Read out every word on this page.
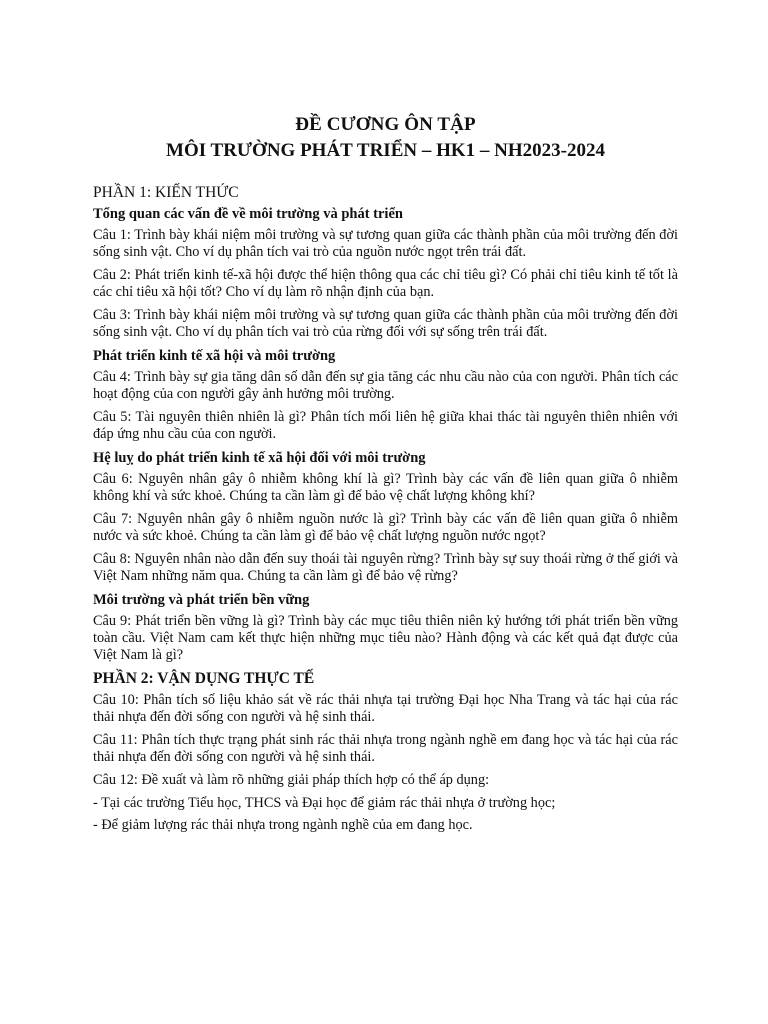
ĐỀ CƯƠNG ÔN TẬP
MÔI TRƯỜNG PHÁT TRIỂN – HK1 – NH2023-2024
PHẦN 1: KIẾN THỨC
Tổng quan các vấn đề về môi trường và phát triển

Câu 1: Trình bày khái niệm môi trường và sự tương quan giữa các thành phần của môi trường đến đời sống sinh vật. Cho ví dụ phân tích vai trò của nguồn nước ngọt trên trái đất.

Câu 2: Phát triển kinh tế-xã hội được thể hiện thông qua các chỉ tiêu gì? Có phải chỉ tiêu kinh tế tốt là các chỉ tiêu xã hội tốt? Cho ví dụ làm rõ nhận định của bạn.

Câu 3: Trình bày khái niệm môi trường và sự tương quan giữa các thành phần của môi trường đến đời sống sinh vật. Cho ví dụ phân tích vai trò của rừng đối với sự sống trên trái đất.

Phát triển kinh tế xã hội và môi trường

Câu 4: Trình bày sự gia tăng dân số dẫn đến sự gia tăng các nhu cầu nào của con người. Phân tích các hoạt động của con người gây ảnh hưởng môi trường.

Câu 5: Tài nguyên thiên nhiên là gì? Phân tích mối liên hệ giữa khai thác tài nguyên thiên nhiên với đáp ứng nhu cầu của con người.

Hệ luỵ do phát triển kinh tế xã hội đối với môi trường

Câu 6: Nguyên nhân gây ô nhiễm không khí là gì? Trình bày các vấn đề liên quan giữa ô nhiễm không khí và sức khoẻ. Chúng ta cần làm gì để bảo vệ chất lượng không khí?

Câu 7: Nguyên nhân gây ô nhiễm nguồn nước là gì? Trình bày các vấn đề liên quan giữa ô nhiễm nước và sức khoẻ. Chúng ta cần làm gì để bảo vệ chất lượng nguồn nước ngọt?

Câu 8: Nguyên nhân nào dẫn đến suy thoái tài nguyên rừng? Trình bày sự suy thoái rừng ở thế giới và Việt Nam những năm qua. Chúng ta cần làm gì để bảo vệ rừng?

Môi trường và phát triển bền vững

Câu 9: Phát triển bền vững là gì? Trình bày các mục tiêu thiên niên kỷ hướng tới phát triển bền vững toàn cầu. Việt Nam cam kết thực hiện những mục tiêu nào? Hành động và các kết quả đạt được của Việt Nam là gì?

PHẦN 2: VẬN DỤNG THỰC TẾ

Câu 10: Phân tích số liệu khảo sát về rác thải nhựa tại trường Đại học Nha Trang và tác hại của rác thải nhựa đến đời sống con người và hệ sinh thái.

Câu 11: Phân tích thực trạng phát sinh rác thải nhựa trong ngành nghề em đang học và tác hại của rác thải nhựa đến đời sống con người và hệ sinh thái.

Câu 12: Đề xuất và làm rõ những giải pháp thích hợp có thể áp dụng:

- Tại các trường Tiểu học, THCS và Đại học để giảm rác thải nhựa ở trường học;

- Để giảm lượng rác thải nhựa trong ngành nghề của em đang học.
